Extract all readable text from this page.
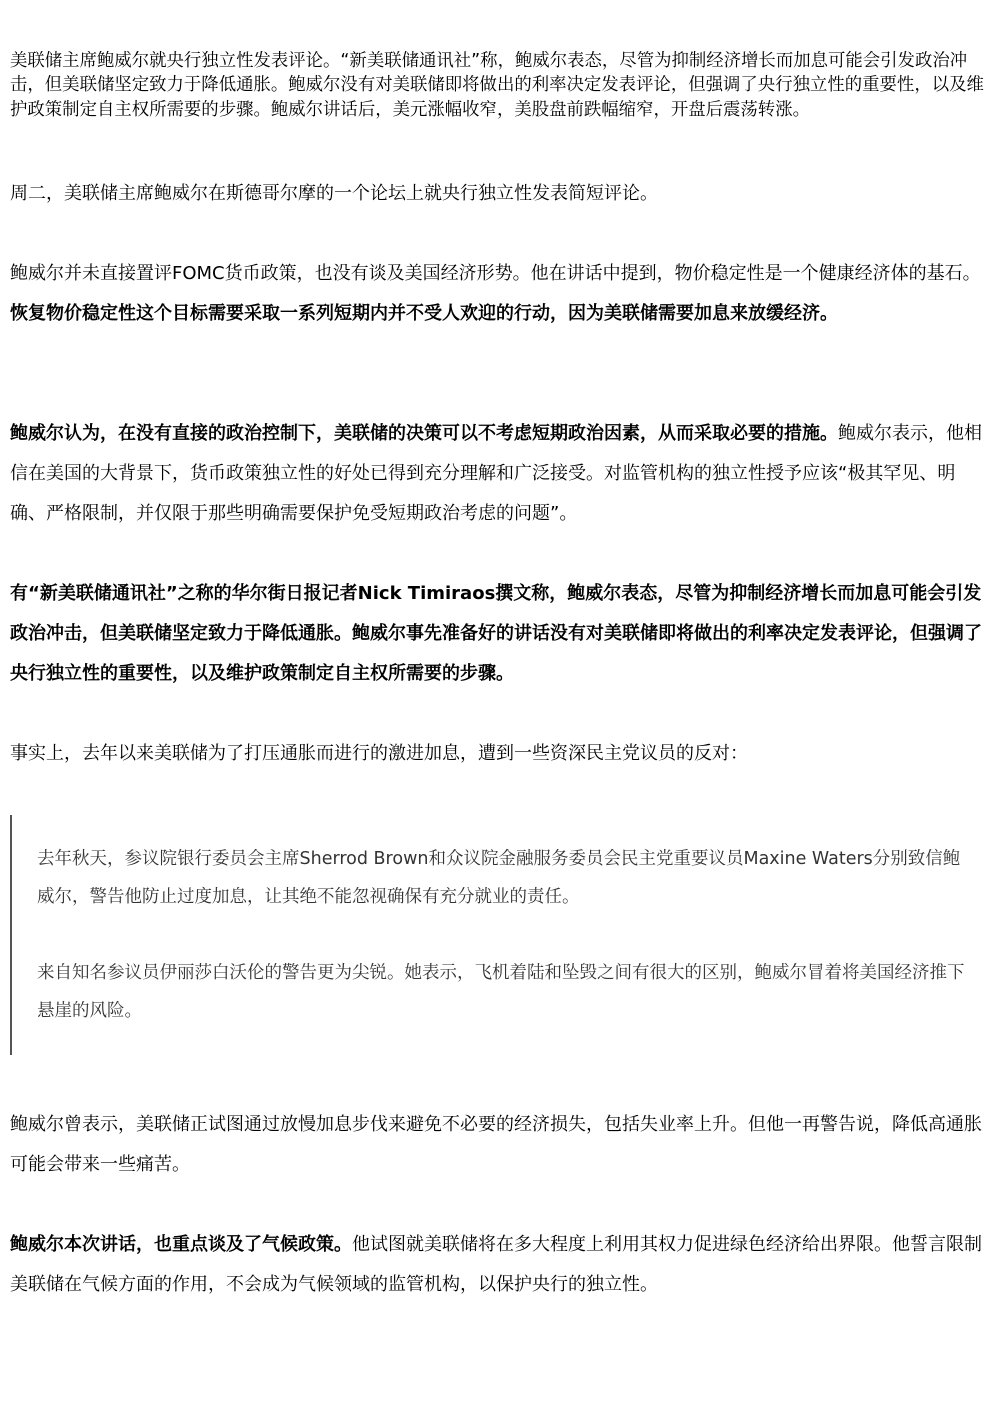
美联储主席鲍威尔就央行独立性发表评论。“新美联储通讯社”称，鲍威尔表态，尽管为抑制经济增长而加息可能会引发政治冲击，但美联储坚定致力于降低通胀。鲍威尔没有对美联储即将做出的利率决定发表评论，但强调了央行独立性的重要性，以及维护政策制定自主权所需要的步骤。鲍威尔讲话后，美元涨幅收窄，美股盘前跌幅缩窄，开盘后震荡转涨。

周二，美联储主席鲍威尔在斯德哥尔摩的一个论坛上就央行独立性发表简短评论。

鲍威尔并未直接置评FOMC货币政策，也没有谈及美国经济形势。他在讲话中提到，物价稳定性是一个健康经济体的基石。恢复物价稳定性这个目标需要采取一系列短期内并不受人欢迎的行动，因为美联储需要加息来放缓经济。

鲍威尔认为，在没有直接的政治控制下，美联储的决策可以不考虑短期政治因素，从而采取必要的措施。鲍威尔表示，他相信在美国的大背景下，货币政策独立性的好处已得到充分理解和广泛接受。对监管机构的独立性授予应该“极其罕见、明确、严格限制，并仅限于那些明确需要保护免受短期政治考虑的问题”。

有“新美联储通讯社”之称的华尔街日报记者Nick Timiraos撰文称，鲍威尔表态，尽管为抑制经济增长而加息可能会引发政治冲击，但美联储坚定致力于降低通胀。鲍威尔事先准备好的讲话没有对美联储即将做出的利率决定发表评论，但强调了央行独立性的重要性，以及维护政策制定自主权所需要的步骤。

事实上，去年以来美联储为了打压通胀而进行的激进加息，遭到一些资深民主党议员的反对：

去年秋天，参议院银行委员会主席Sherrod Brown和众议院金融服务委员会民主党重要议员Maxine Waters分别致信鲍威尔，警告他防止过度加息，让其绝不能忽视确保有充分就业的责任。

来自知名参议员伊丽莎白沃伦的警告更为尖锐。她表示，飞机着陆和坠毁之间有很大的区别，鲍威尔冒着将美国经济推下悬崖的风险。

鲍威尔曾表示，美联储正试图通过放慢加息步伐来避免不必要的经济损失，包括失业率上升。但他一再警告说，降低高通胀可能会带来一些痛苦。

鲍威尔本次讲话，也重点谈及了气候政策。他试图就美联储将在多大程度上利用其权力促进绿色经济给出界限。他誓言限制美联储在气候方面的作用，不会成为气候领域的监管机构，以保护央行的独立性。
